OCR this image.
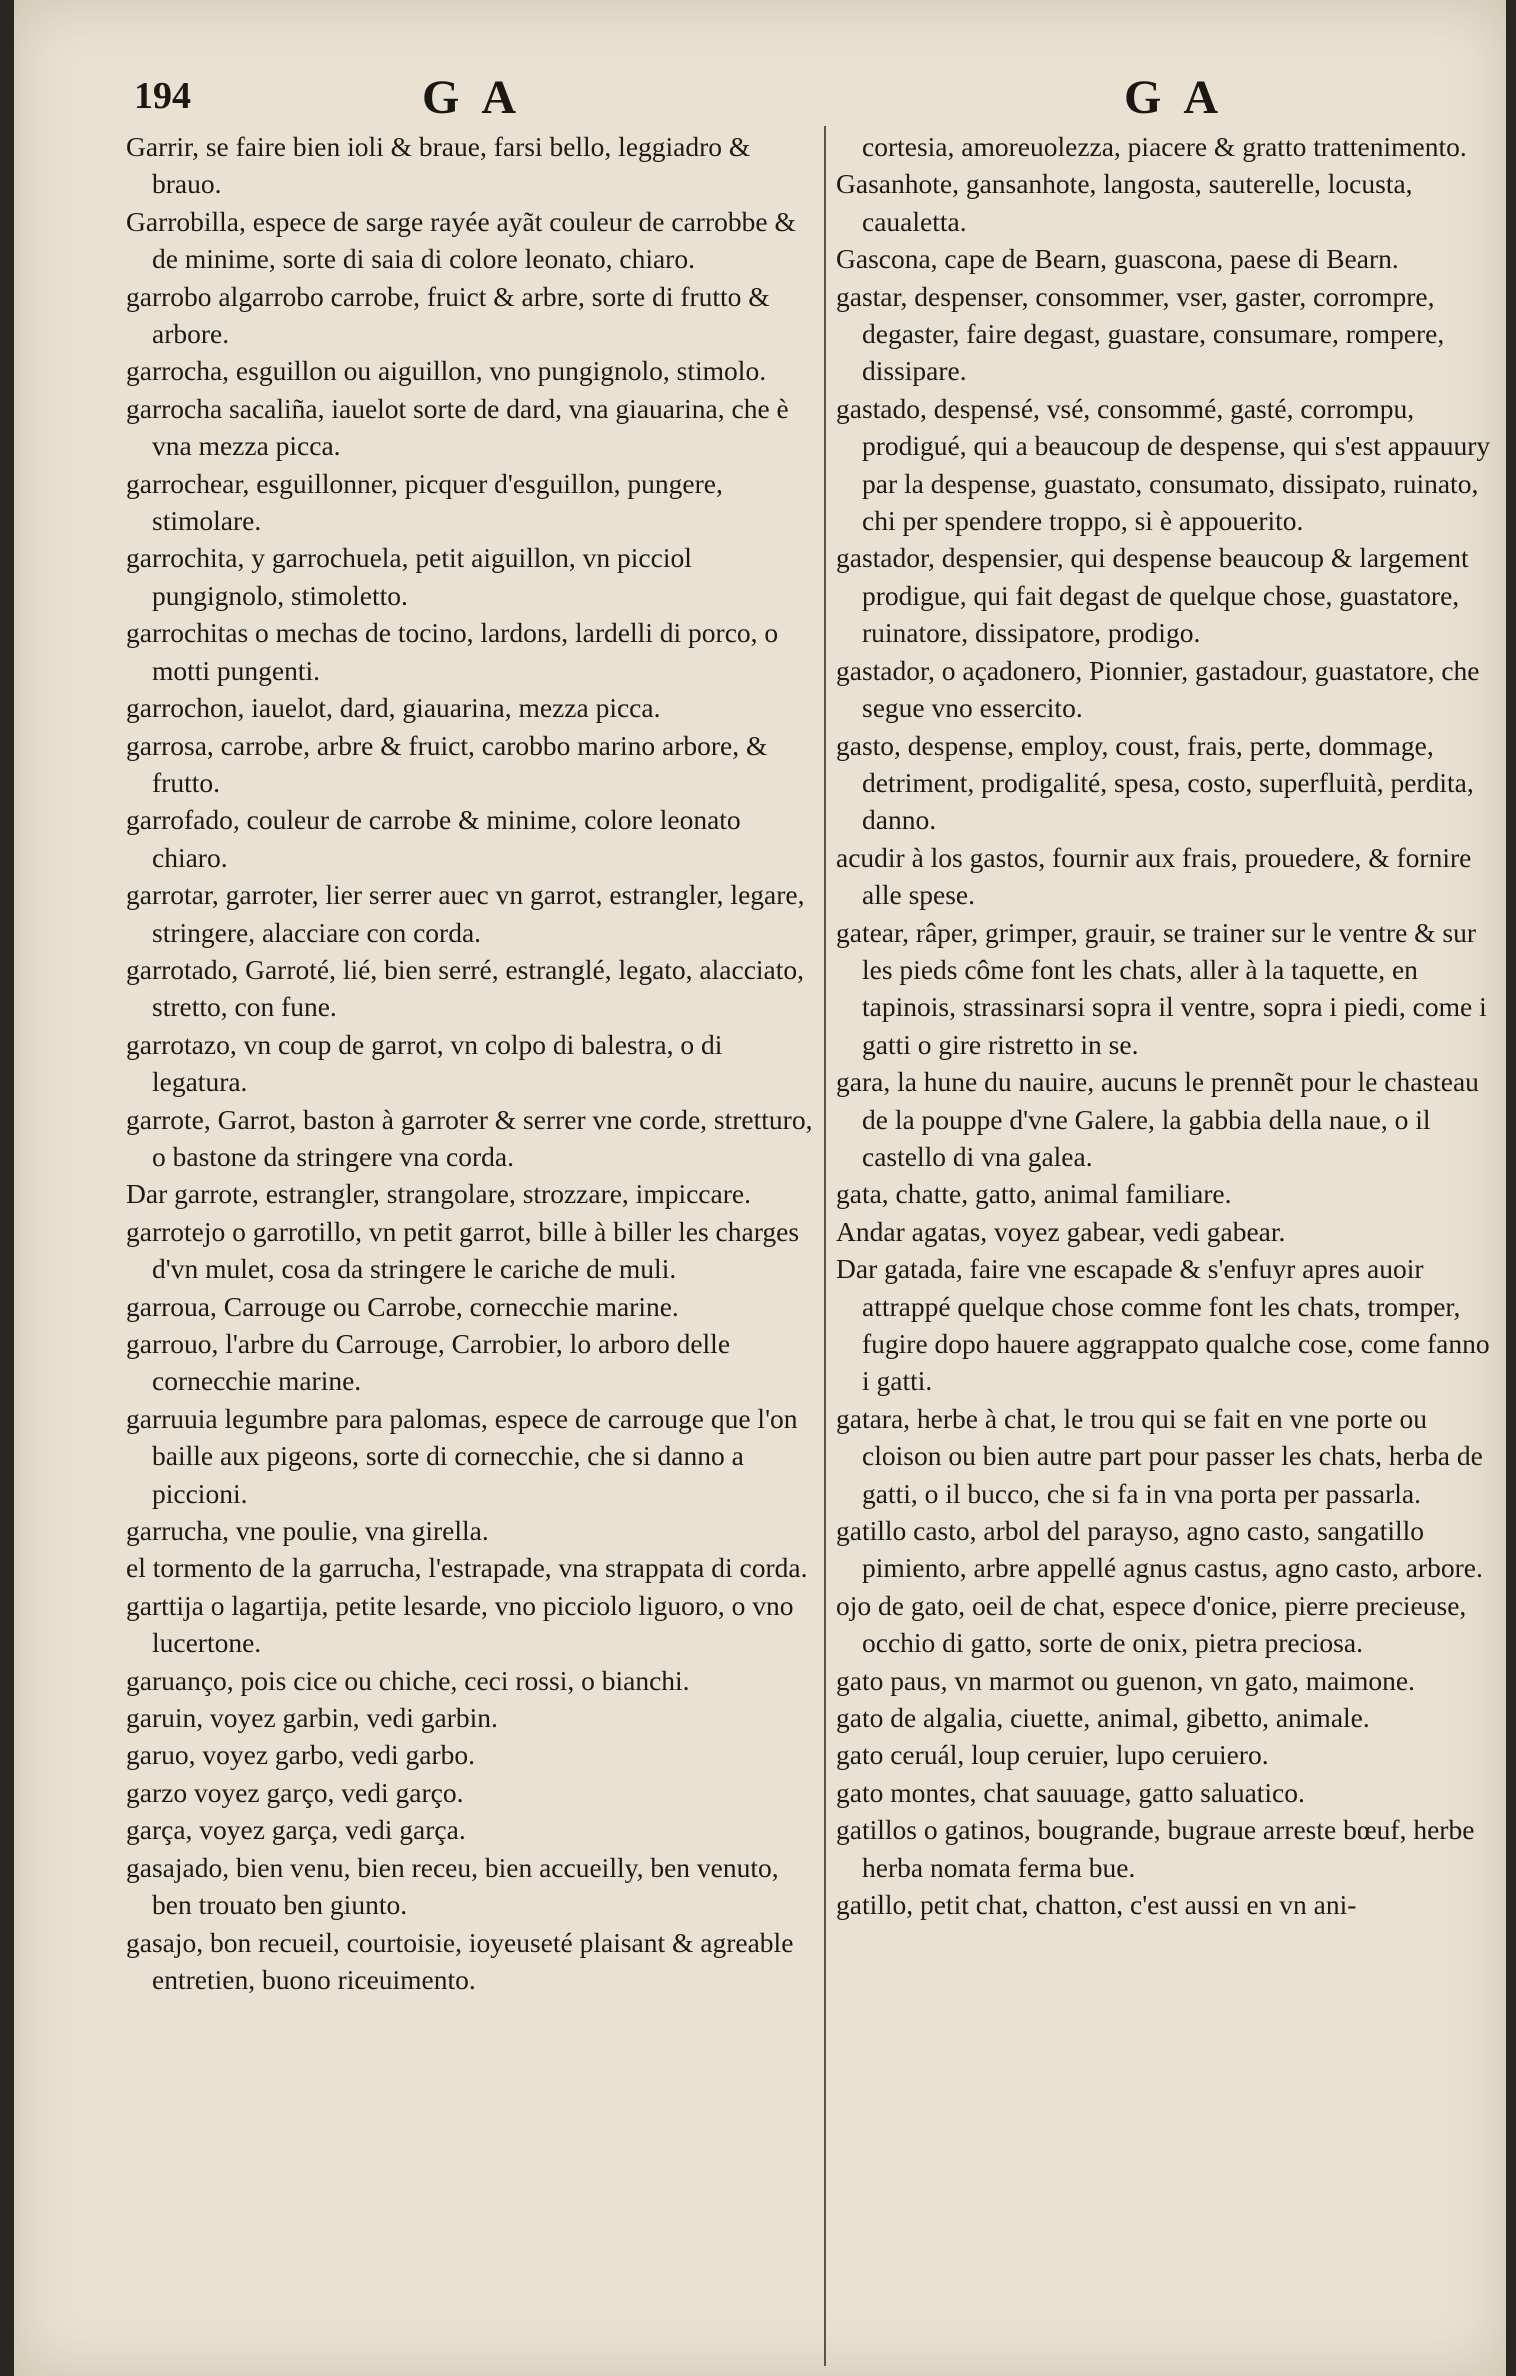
194	GA	GA

Garrir, se faire bien ioli & braue, farsi bello, leggiadro & brauo.

Garrobilla, espece de sarge rayée ayãt couleur de carrobbe & de minime, sorte di saia di colore leonato, chiaro.

garrobo algarrobo carrobe, fruict & arbre, sorte di frutto & arbore.

garrocha, esguillon ou aiguillon, vno pungignolo, stimolo.

garrocha sacaliña, iauelot sorte de dard, vna giauarina, che è vna mezza picca.

garrochear, esguillonner, picquer d'esguillon, pungere, stimolare.

garrochita, y garrochuela, petit aiguillon, vn picciol pungignolo, stimoletto.

garrochitas o mechas de tocino, lardons, lardelli di porco, o motti pungenti.

garrochon, iauelot, dard, giauarina, mezza picca.

garrosa, carrobe, arbre & fruict, carobbo marino arbore, & frutto.

garrofado, couleur de carrobe & minime, colore leonato chiaro.

garrotar, garroter, lier serrer auec vn garrot, estrangler, legare, stringere, alacciare con corda.

garrotado, Garroté, lié, bien serré, estranglé, legato, alacciato, stretto, con fune.

garrotazo, vn coup de garrot, vn colpo di balestra, o di legatura.

garrote, Garrot, baston à garroter & serrer vne corde, stretturo, o bastone da stringere vna corda.

Dar garrote, estrangler, strangolare, strozzare, impiccare.

garrotejo o garrotillo, vn petit garrot, bille à biller les charges d'vn mulet, cosa da stringere le cariche de muli.

garroua, Carrouge ou Carrobe, cornecchie marine.

garrouo, l'arbre du Carrouge, Carrobier, lo arboro delle cornecchie marine.

garruuia legumbre para palomas, espece de carrouge que l'on baille aux pigeons, sorte di cornecchie, che si danno a piccioni.

garrucha, vne poulie, vna girella.

el tormento de la garrucha, l'estrapade, vna strappata di corda.

garttija o lagartija, petite lesarde, vno picciolo liguoro, o vno lucertone.

garuanço, pois cice ou chiche, ceci rossi, o bianchi.

garuin, voyez garbin, vedi garbin.

garuo, voyez garbo, vedi garbo.

garzo voyez garço, vedi garço.

garça, voyez garça, vedi garça.

gasajado, bien venu, bien receu, bien accueilly, ben venuto, ben trouato ben giunto.

gasajo, bon recueil, courtoisie, ioyeuseté plaisant & agreable entretien, buono riceuimento.

cortesia, amoreuolezza, piacere & gratto trattenimento.

Gasanhote, gansanhote, langosta, sauterelle, locusta, caualetta.

Gascona, cape de Bearn, guascona, paese di Bearn.

gastar, despenser, consommer, vser, gaster, corrompre, degaster, faire degast, guastare, consumare, rompere, dissipare.

gastado, despensé, vsé, consommé, gasté, corrompu, prodigué, qui a beaucoup de despense, qui s'est appauury par la despense, guastato, consumato, dissipato, ruinato, chi per spendere troppo, si è appouerito.

gastador, despensier, qui despense beaucoup & largement prodigue, qui fait degast de quelque chose, guastatore, ruinatore, dissipatore, prodigo.

gastador, o açadonero, Pionnier, gastadour, guastatore, che segue vno essercito.

gasto, despense, employ, coust, frais, perte, dommage, detriment, prodigalité, spesa, costo, superfluità, perdita, danno.

acudir à los gastos, fournir aux frais, prouedere, & fornire alle spese.

gatear, râper, grimper, grauir, se trainer sur le ventre & sur les pieds côme font les chats, aller à la taquette, en tapinois, strassinarsi sopra il ventre, sopra i piedi, come i gatti o gire ristretto in se.

gara, la hune du nauire, aucuns le prennẽt pour le chasteau de la pouppe d'vne Galere, la gabbia della naue, o il castello di vna galea.

gata, chatte, gatto, animal familiare.

Andar agatas, voyez gabear, vedi gabear.

Dar gatada, faire vne escapade & s'enfuyr apres auoir attrappé quelque chose comme font les chats, tromper, fugire dopo hauere aggrappato qualche cose, come fanno i gatti.

gatara, herbe à chat, le trou qui se fait en vne porte ou cloison ou bien autre part pour passer les chats, herba de gatti, o il bucco, che si fa in vna porta per passarla.

gatillo casto, arbol del parayso, agno casto, sangatillo pimiento, arbre appellé agnus castus, agno casto, arbore.

ojo de gato, oeil de chat, espece d'onice, pierre precieuse, occhio di gatto, sorte de onix, pietra preciosa.

gato paus, vn marmot ou guenon, vn gato, maimone.

gato de algalia, ciuette, animal, gibetto, animale.

gato ceruál, loup ceruier, lupo ceruiero.

gato montes, chat sauuage, gatto saluatico.

gatillos o gatinos, bougrande, bugraue arreste bœuf, herbe herba nomata ferma bue.

gatillo, petit chat, chatton, c'est aussi en vn ani-
